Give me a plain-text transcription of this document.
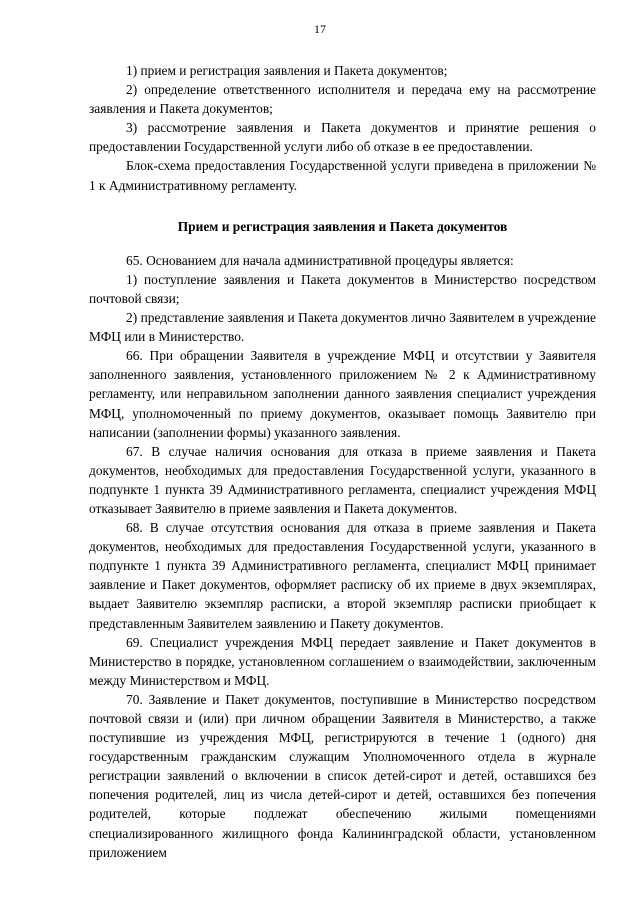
17

1) прием и регистрация заявления и Пакета документов;

2) определение ответственного исполнителя и передача ему на рассмотрение заявления и Пакета документов;

3) рассмотрение заявления и Пакета документов и принятие решения о предоставлении Государственной услуги либо об отказе в ее предоставлении.

Блок-схема предоставления Государственной услуги приведена в приложении № 1 к Административному регламенту.

Прием и регистрация заявления и Пакета документов

65. Основанием для начала административной процедуры является:

1) поступление заявления и Пакета документов в Министерство посредством почтовой связи;

2) представление заявления и Пакета документов лично Заявителем в учреждение МФЦ или в Министерство.

66. При обращении Заявителя в учреждение МФЦ и отсутствии у Заявителя заполненного заявления, установленного приложением № 2 к Административному регламенту, или неправильном заполнении данного заявления специалист учреждения МФЦ, уполномоченный по приему документов, оказывает помощь Заявителю при написании (заполнении формы) указанного заявления.

67. В случае наличия основания для отказа в приеме заявления и Пакета документов, необходимых для предоставления Государственной услуги, указанного в подпункте 1 пункта 39 Административного регламента, специалист учреждения МФЦ отказывает Заявителю в приеме заявления и Пакета документов.

68. В случае отсутствия основания для отказа в приеме заявления и Пакета документов, необходимых для предоставления Государственной услуги, указанного в подпункте 1 пункта 39 Административного регламента, специалист МФЦ принимает заявление и Пакет документов, оформляет расписку об их приеме в двух экземплярах, выдает Заявителю экземпляр расписки, а второй экземпляр расписки приобщает к представленным Заявителем заявлению и Пакету документов.

69. Специалист учреждения МФЦ передает заявление и Пакет документов в Министерство в порядке, установленном соглашением о взаимодействии, заключенным между Министерством и МФЦ.

70. Заявление и Пакет документов, поступившие в Министерство посредством почтовой связи и (или) при личном обращении Заявителя в Министерство, а также поступившие из учреждения МФЦ, регистрируются в течение 1 (одного) дня государственным гражданским служащим Уполномоченного отдела в журнале регистрации заявлений о включении в список детей-сирот и детей, оставшихся без попечения родителей, лиц из числа детей-сирот и детей, оставшихся без попечения родителей, которые подлежат обеспечению жилыми помещениями специализированного жилищного фонда Калининградской области, установленном приложением
